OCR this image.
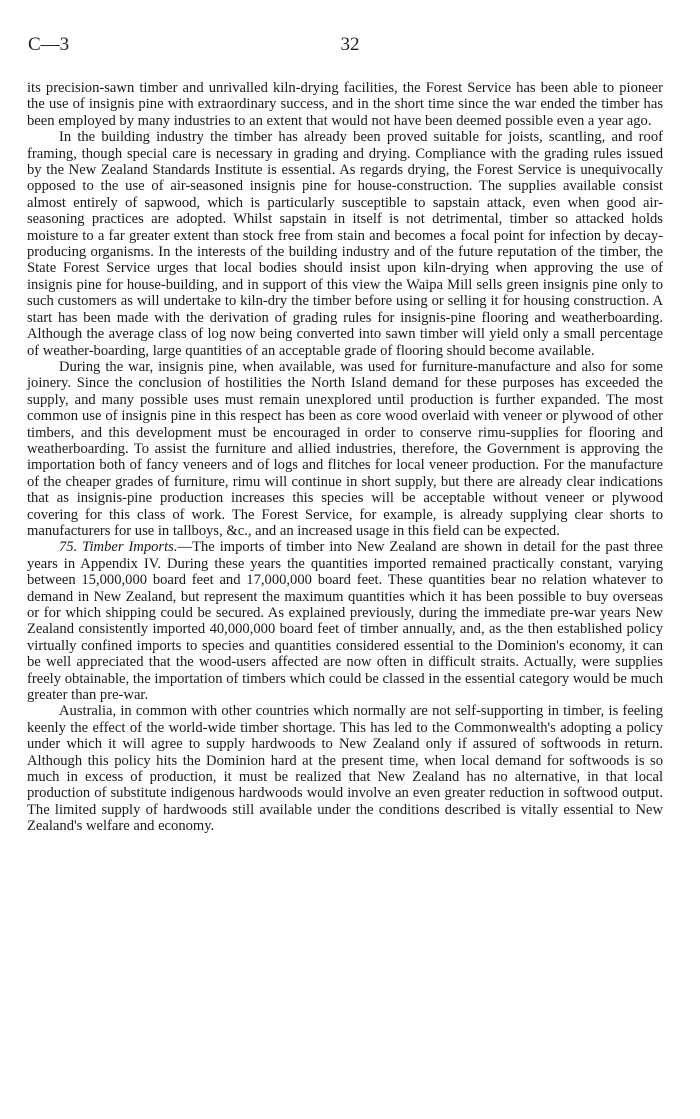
C—3	32

its precision-sawn timber and unrivalled kiln-drying facilities, the Forest Service has been able to pioneer the use of insignis pine with extraordinary success, and in the short time since the war ended the timber has been employed by many industries to an extent that would not have been deemed possible even a year ago.

In the building industry the timber has already been proved suitable for joists, scantling, and roof framing, though special care is necessary in grading and drying. Compliance with the grading rules issued by the New Zealand Standards Institute is essential. As regards drying, the Forest Service is unequivocally opposed to the use of air-seasoned insignis pine for house-construction. The supplies available consist almost entirely of sapwood, which is particularly susceptible to sapstain attack, even when good air-seasoning practices are adopted. Whilst sapstain in itself is not detrimental, timber so attacked holds moisture to a far greater extent than stock free from stain and becomes a focal point for infection by decay-producing organisms. In the interests of the building industry and of the future reputation of the timber, the State Forest Service urges that local bodies should insist upon kiln-drying when approving the use of insignis pine for house-building, and in support of this view the Waipa Mill sells green insignis pine only to such customers as will undertake to kiln-dry the timber before using or selling it for housing construction. A start has been made with the derivation of grading rules for insignis-pine flooring and weatherboarding. Although the average class of log now being converted into sawn timber will yield only a small percentage of weather-boarding, large quantities of an acceptable grade of flooring should become available.

During the war, insignis pine, when available, was used for furniture-manufacture and also for some joinery. Since the conclusion of hostilities the North Island demand for these purposes has exceeded the supply, and many possible uses must remain unexplored until production is further expanded. The most common use of insignis pine in this respect has been as core wood overlaid with veneer or plywood of other timbers, and this development must be encouraged in order to conserve rimu-supplies for flooring and weatherboarding. To assist the furniture and allied industries, therefore, the Government is approving the importation both of fancy veneers and of logs and flitches for local veneer production. For the manufacture of the cheaper grades of furniture, rimu will continue in short supply, but there are already clear indications that as insignis-pine production increases this species will be acceptable without veneer or plywood covering for this class of work. The Forest Service, for example, is already supplying clear shorts to manufacturers for use in tallboys, &c., and an increased usage in this field can be expected.

75. Timber Imports.—The imports of timber into New Zealand are shown in detail for the past three years in Appendix IV. During these years the quantities imported remained practically constant, varying between 15,000,000 board feet and 17,000,000 board feet. These quantities bear no relation whatever to demand in New Zealand, but represent the maximum quantities which it has been possible to buy overseas or for which shipping could be secured. As explained previously, during the immediate pre-war years New Zealand consistently imported 40,000,000 board feet of timber annually, and, as the then established policy virtually confined imports to species and quantities considered essential to the Dominion's economy, it can be well appreciated that the wood-users affected are now often in difficult straits. Actually, were supplies freely obtainable, the importation of timbers which could be classed in the essential category would be much greater than pre-war.

Australia, in common with other countries which normally are not self-supporting in timber, is feeling keenly the effect of the world-wide timber shortage. This has led to the Commonwealth's adopting a policy under which it will agree to supply hardwoods to New Zealand only if assured of softwoods in return. Although this policy hits the Dominion hard at the present time, when local demand for softwoods is so much in excess of production, it must be realized that New Zealand has no alternative, in that local production of substitute indigenous hardwoods would involve an even greater reduction in softwood output. The limited supply of hardwoods still available under the conditions described is vitally essential to New Zealand's welfare and economy.
